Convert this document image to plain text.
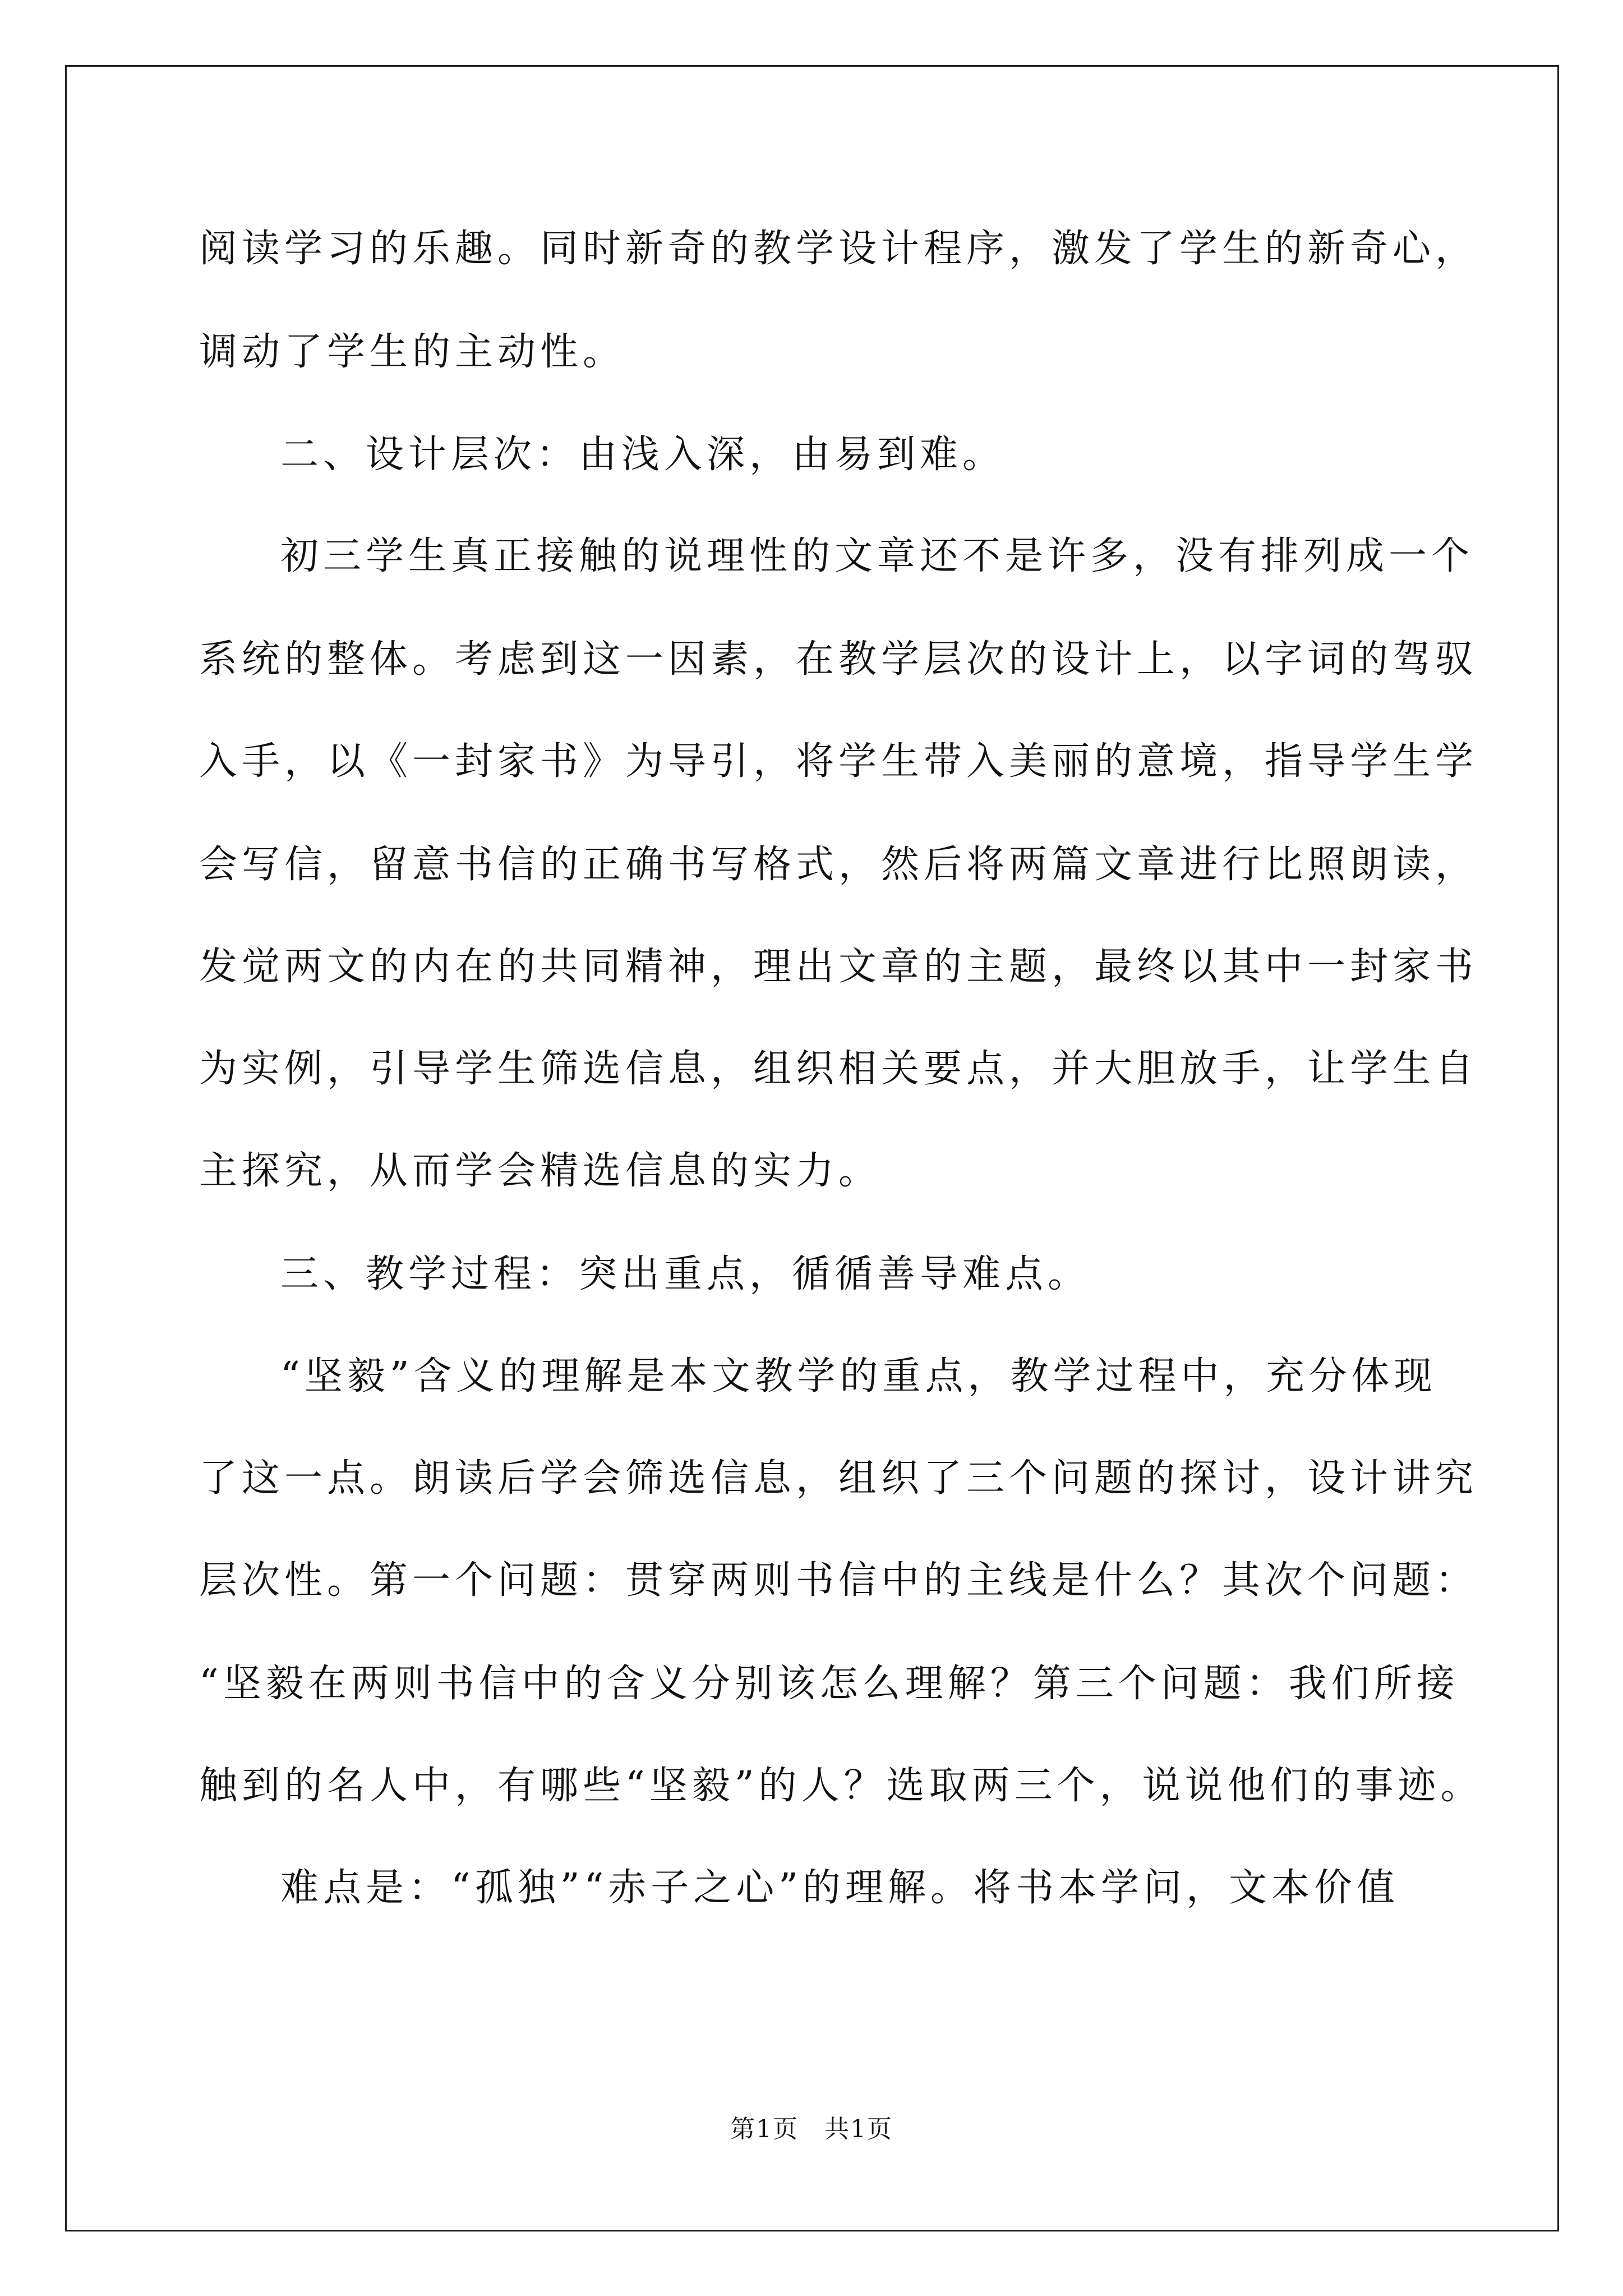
阅读学习的乐趣。同时新奇的教学设计程序，激发了学生的新奇心，
调动了学生的主动性。
二、设计层次：由浅入深，由易到难。
初三学生真正接触的说理性的文章还不是许多，没有排列成一个
系统的整体。考虑到这一因素，在教学层次的设计上，以字词的驾驭
入手，以《一封家书》为导引，将学生带入美丽的意境，指导学生学
会写信，留意书信的正确书写格式，然后将两篇文章进行比照朗读，
发觉两文的内在的共同精神，理出文章的主题，最终以其中一封家书
为实例，引导学生筛选信息，组织相关要点，并大胆放手，让学生自
主探究，从而学会精选信息的实力。
三、教学过程：突出重点，循循善导难点。
“坚毅”含义的理解是本文教学的重点，教学过程中，充分体现
了这一点。朗读后学会筛选信息，组织了三个问题的探讨，设计讲究
层次性。第一个问题：贯穿两则书信中的主线是什么？其次个问题：
“坚毅在两则书信中的含义分别该怎么理解？第三个问题：我们所接
触到的名人中，有哪些“坚毅”的人？选取两三个，说说他们的事迹。
难点是：“孤独”“赤子之心”的理解。将书本学问，文本价值
第1页　共1页
